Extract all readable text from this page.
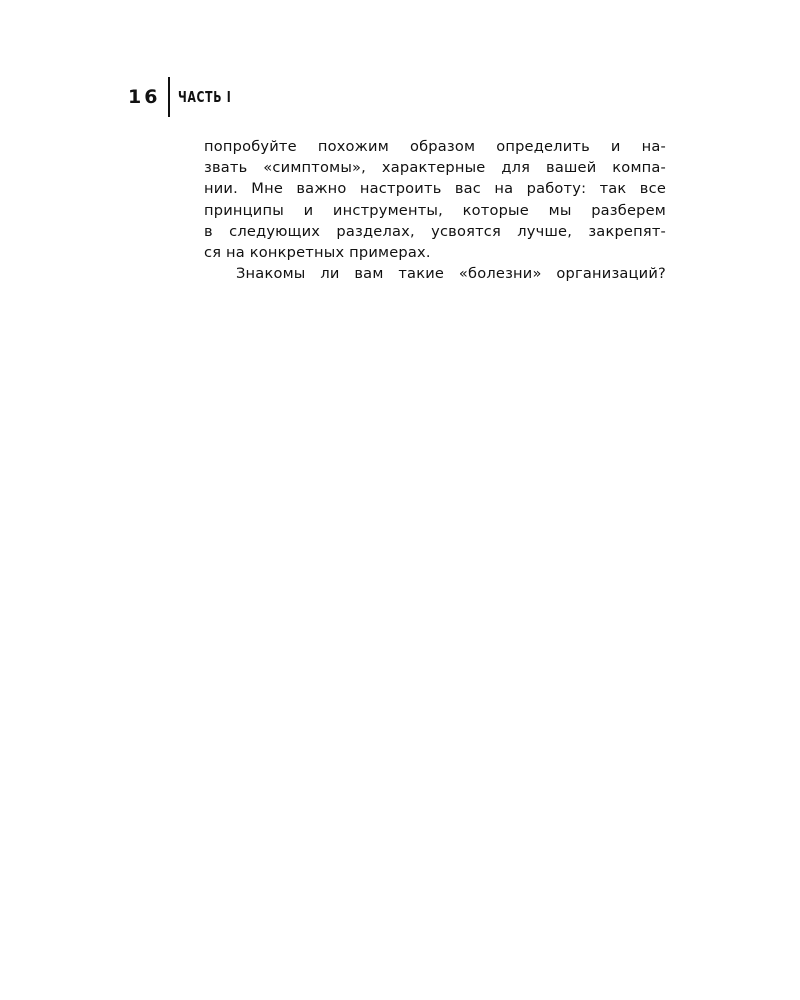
16 ЧАСТЬ I
попробуйте похожим образом определить и на-
звать «симптомы», характерные для вашей компа-
нии. Мне важно настроить вас на работу: так все
принципы и инструменты, которые мы разберем
в следующих разделах, усвоятся лучше, закрепят-
ся на конкретных примерах.
Знакомы ли вам такие «болезни» организаций?
